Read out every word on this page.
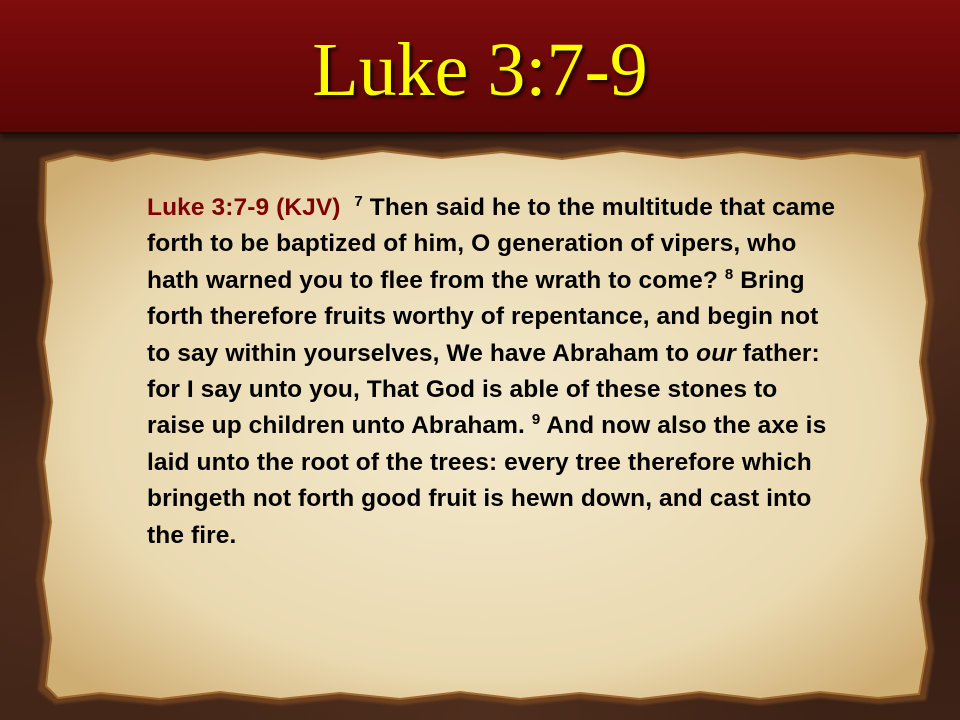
Luke 3:7-9
Luke 3:7-9 (KJV) $^7$ Then said he to the multitude that came forth to be baptized of him, O generation of vipers, who hath warned you to flee from the wrath to come? $^8$ Bring forth therefore fruits worthy of repentance, and begin not to say within yourselves, We have Abraham to our father: for I say unto you, That God is able of these stones to raise up children unto Abraham. $^9$ And now also the axe is laid unto the root of the trees: every tree therefore which bringeth not forth good fruit is hewn down, and cast into the fire.
